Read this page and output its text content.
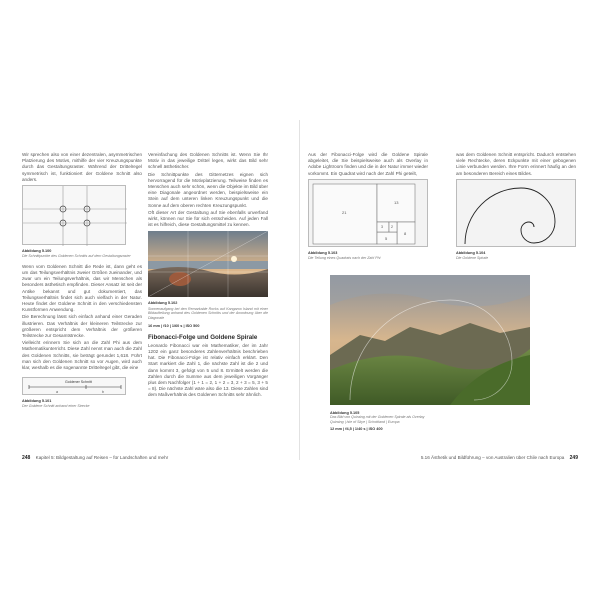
Wir sprechen also von einer dezentralen, asymmetrischen Platzierung des Motivs, mithilfe der vier Kreuzungspunkte durch das Gestaltungsraster. Während der Drittelregel symmetrisch ist, funktioniert der Goldene Schnitt also anders.
Abbildung 5.100
Die Schnittpunkte des Goldenen Schnitts auf dem Gestaltungsraster
Wenn vom Goldenen Schnitt die Rede ist, dann geht es um das Teilungsverhältnis zweier Größen zueinander, und zwar um ein Teilungsverhältnis, das wir Menschen als besonders ästhetisch empfinden. Dieser Ansatz ist seit der Antike bekannt und gut dokumentiert, das Teilungsverhältnis findet sich auch vielfach in der Natur. Heute findet der Goldene Schnitt in den verschiedensten Kunstformen Anwendung.
Die Berechnung lässt sich einfach anhand einer Geraden illustrieren. Das Verhältnis der kleineren Teilstrecke zur größeren entspricht dem Verhältnis der größeren Teilstrecke zur Gesamtstrecke.
Vielleicht erinnern Sie sich an die Zahl Phi aus dem Mathematikunterricht. Diese Zahl nennt man auch die Zahl des Goldenen Schnitts, sie beträgt gerundet 1,618. Führt man sich den Goldenen Schnitt so vor Augen, wird auch klar, weshalb es die sogenannte Drittelregel gibt, die eine
Goldener Schnitt
a	b
Abbildung 5.101
Der Goldene Schnitt anhand einer Strecke
Vereinfachung des Goldenen Schnitts ist. Wenn Sie Ihr Motiv in das jeweilige Drittel legen, wirkt das Bild sehr schnell ästhetischer.
Die Schnittpunkte des Gitternetzes eignen sich hervorragend für die Motivplatzierung. Teilweise finden es Menschen auch sehr schön, wenn die Objekte im Bild über eine Diagonale angeordnet werden, beispielsweise ein Stein auf dem unteren linken Kreuzungspunkt und die Sonne auf dem oberen rechten Kreuzungspunkt.
Oft dieser Art der Gestaltung auf Sie ebenfalls unverfand wirkt, können nur Sie für sich entscheiden. Auf jeden Fall ist es hilfreich, diese Gestaltungsmittel zu kennen.
Abbildung 5.102
Sonnenaufgang bei den Remarkable Rocks auf Kangaroo Island mit einer Bildaufteilung anhand des Goldenen Schnitts und der Anordnung über die Diagonale
16 mm | f10 | 1/60 s | ISO 500
Fibonacci-Folge und Goldene Spirale
Leonardo Fibonacci war ein Mathematiker, der im Jahr 1202 ein ganz besonderes Zahlenverhältnis beschrieben hat. Die Fibonacci-Folge ist relativ einfach erklärt. Den Start markiert die Zahl 1, die nächste Zahl ist die 2 und dann kommt 3, gefolgt von 5 und 8. Ermittelt werden die Zahlen durch die Summe aus dem jeweiligen Vorgänger plus dem Nachfolger (1 + 1 = 2, 1 + 2 = 3, 2 + 3 = 5, 3 + 5 = 8). Die nächste Zahl wäre also die 13. Diese Zahlen sind dem Maßverhältnis des Goldenen Schnitts sehr ähnlich.
248 Kapitel 5: Bildgestaltung auf Reisen – für Landschaften und mehr
Aus der Fibonacci-Folge wird die Goldene Spirale abgeleitet, die Sie beispielsweise auch als Overlay in Adobe Lightroom finden und die in der Natur immer wieder vorkommt. Ein Quadrat wird nach der Zahl Phi geteilt,
21
13
8
5
3 2
Abbildung 5.103
Die Teilung eines Quadrats nach der Zahl Phi
was dem Goldenen Schnitt entspricht. Dadurch entstehen viele Rechtecke, deren Eckpunkte mit einer gebogenen Linie verbunden werden. Ihre Form erinnert häufig an den am besonderen Bereich eines Bildes.
Abbildung 5.104
Die Goldene Spirale
Abbildung 5.105
Das Bild von Quiraing mit der Goldenen Spirale als Overlay
Quiraing | Isle of Skye | Schottland | Europa
12 mm | f4,5 | 1/40 s | ISO 400
5.16 Ästhetik und Bildführung – von Australien über Chile nach Europa 249
